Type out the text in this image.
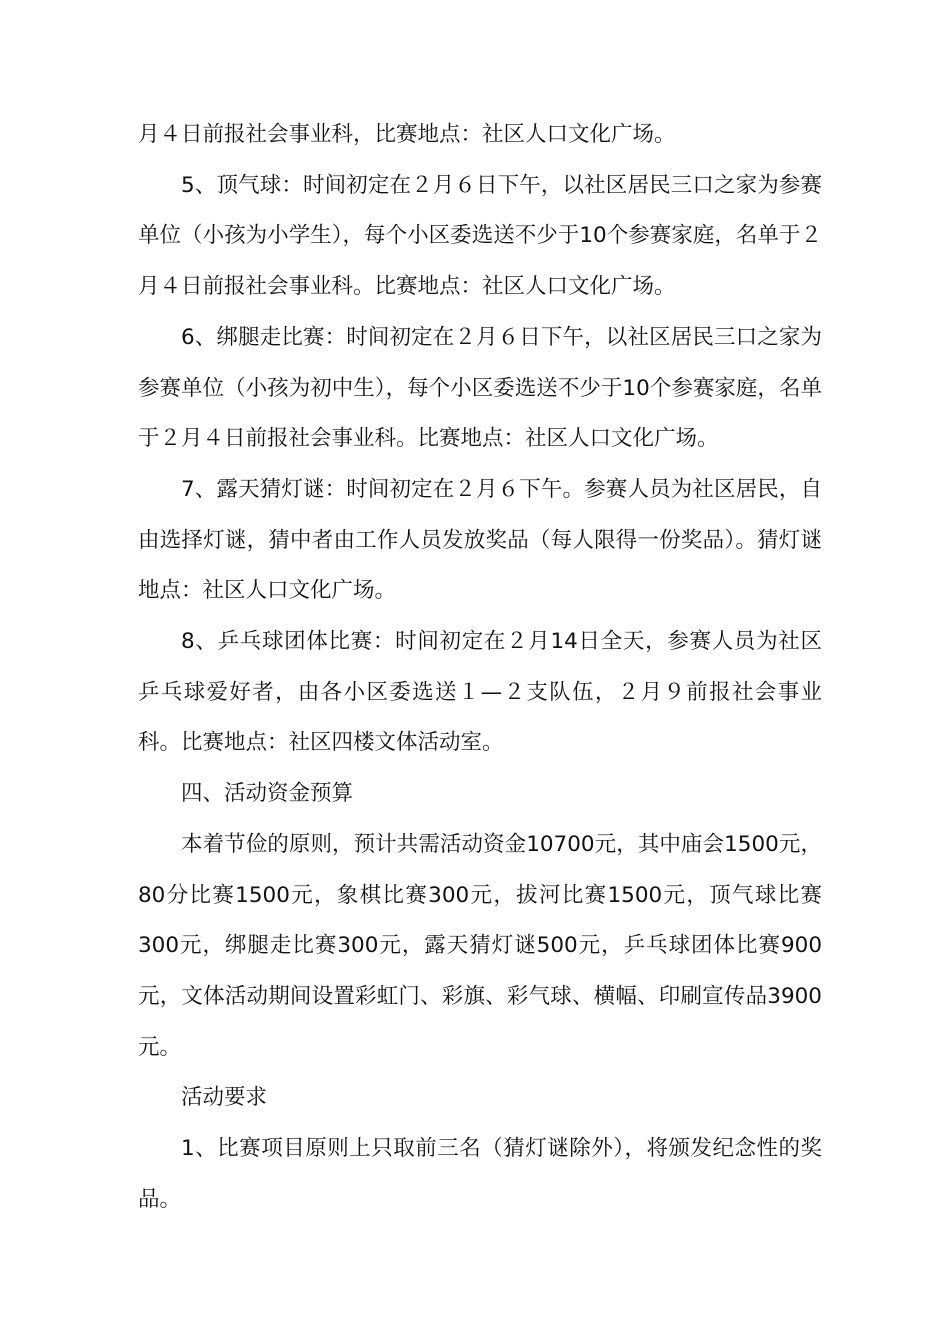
月４日前报社会事业科，比赛地点：社区人口文化广场。

5、顶气球：时间初定在２月６日下午，以社区居民三口之家为参赛单位（小孩为小学生），每个小区委选送不少于10个参赛家庭，名单于２月４日前报社会事业科。比赛地点：社区人口文化广场。

6、绑腿走比赛：时间初定在２月６日下午，以社区居民三口之家为参赛单位（小孩为初中生），每个小区委选送不少于10个参赛家庭，名单于２月４日前报社会事业科。比赛地点：社区人口文化广场。

7、露天猜灯谜：时间初定在２月６下午。参赛人员为社区居民，自由选择灯谜，猜中者由工作人员发放奖品（每人限得一份奖品）。猜灯谜地点：社区人口文化广场。

8、乒乓球团体比赛：时间初定在２月14日全天，参赛人员为社区乒乓球爱好者，由各小区委选送１—２支队伍，２月９前报社会事业科。比赛地点：社区四楼文体活动室。

四、活动资金预算

本着节俭的原则，预计共需活动资金10700元，其中庙会1500元，80分比赛1500元，象棋比赛300元，拔河比赛1500元，顶气球比赛300元，绑腿走比赛300元，露天猜灯谜500元，乒乓球团体比赛900元，文体活动期间设置彩虹门、彩旗、彩气球、横幅、印刷宣传品3900元。

活动要求

1、比赛项目原则上只取前三名（猜灯谜除外），将颁发纪念性的奖品。
